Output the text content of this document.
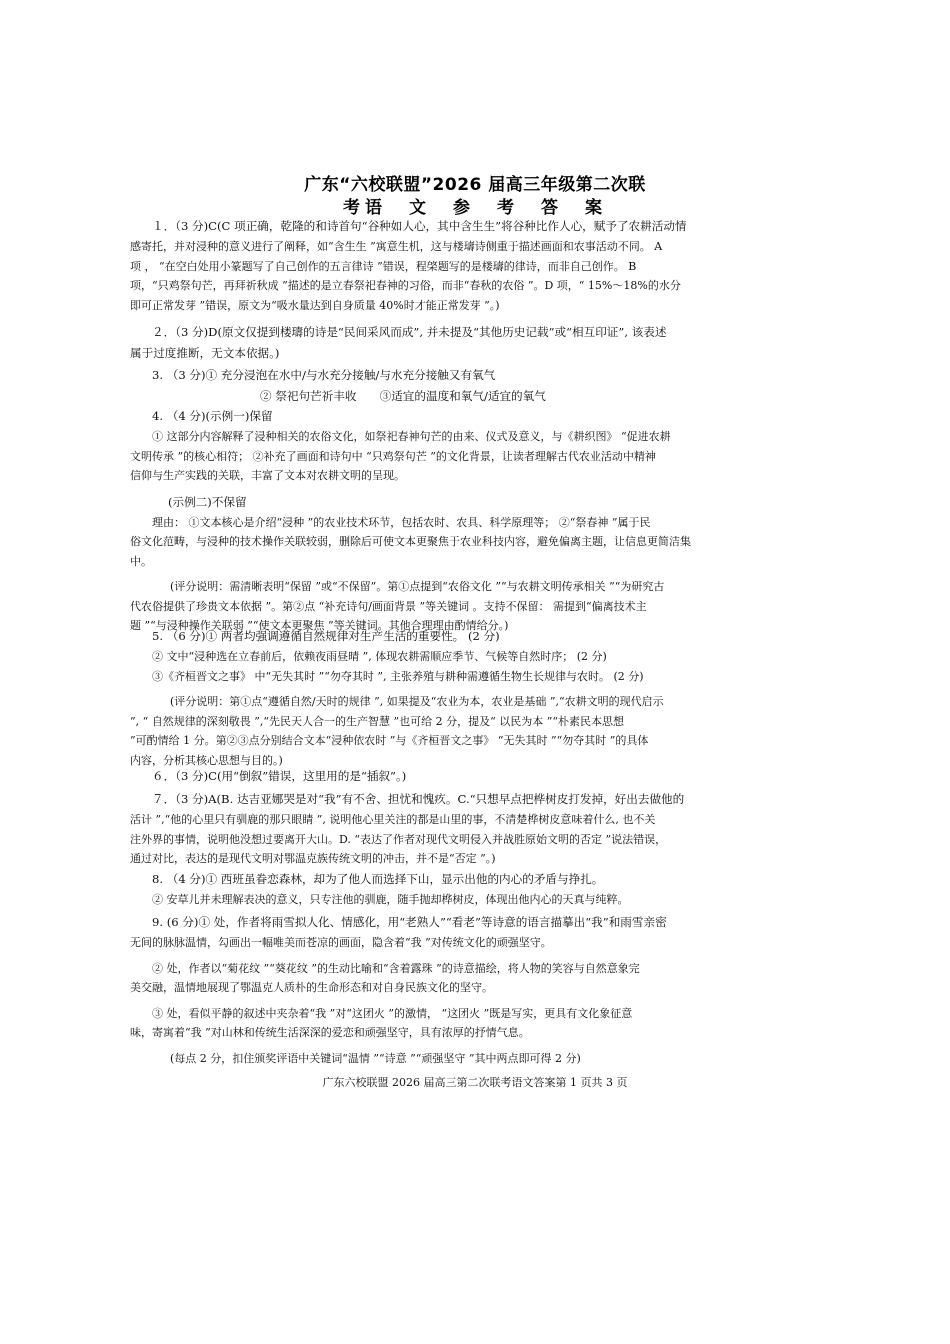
广东“六校联盟”2026 届高三年级第二次联
考语　文　参　考　答　案

１．（3 分)C(C 项正确，乾隆的和诗首句“谷种如人心，其中含生生”将谷种比作人心，赋予了农耕活动情

感寄托，并对浸种的意义进行了阐释，如“含生生 ”寓意生机，这与楼璹诗侧重于描述画面和农事活动不同。 A

项 ， “在空白处用小篆题写了自己创作的五言律诗 ”错误，程棨题写的是楼璹的律诗，而非自己创作。 B

项，“只鸡祭句芒，再拜祈秋成 ”描述的是立春祭祀春神的习俗，而非“春秋的农俗 ”。D 项，“ 15%～18%的水分

即可正常发芽 ”错误，原文为“吸水量达到自身质量 40%时才能正常发芽 ”。)

２．（3 分)D(原文仅提到楼璹的诗是“民间采风而成”, 并未提及“其他历史记载”或“相互印证”, 该表述

属于过度推断，无文本依据。)

3. （3 分)① 充分浸泡在水中/与水充分接触/与水充分接触又有氧气

② 祭祀句芒祈丰收　　③适宜的温度和氧气/适宜的氧气

4. （4 分)(示例一)保留

① 这部分内容解释了浸种相关的农俗文化，如祭祀春神句芒的由来、仪式及意义，与《耕织图》 “促进农耕

文明传承 ”的核心相符； ②补充了画面和诗句中 “只鸡祭句芒 ”的文化背景，让读者理解古代农业活动中精神

信仰与生产实践的关联，丰富了文本对农耕文明的呈现。

(示例二)不保留

理由： ①文本核心是介绍“浸种 ”的农业技术环节，包括农时、农具、科学原理等； ②“祭春神 ”属于民

俗文化范畴，与浸种的技术操作关联较弱，删除后可使文本更聚焦于农业科技内容，避免偏离主题，让信息更简洁集

中。

(评分说明：需清晰表明“保留 ”或“不保留”。第①点提到“农俗文化 ”“与农耕文明传承相关 ”“为研究古

代农俗提供了珍贵文本依据 ”。第②点 “补充诗句/画面背景 ”等关键词 。支持不保留： 需提到“偏离技术主

题 ”“与浸种操作关联弱 ”“使文本更聚焦 ”等关键词。其他合理理由酌情给分。)

5. （6 分)① 两者均强调遵循自然规律对生产生活的重要性。 (2 分)

② 文中“浸种选在立春前后，依赖夜雨昼晴 ”, 体现农耕需顺应季节、气候等自然时序； (2 分)

③《齐桓晋文之事》 中“无失其时 ”“勿夺其时 ”, 主张养殖与耕种需遵循生物生长规律与农时。 (2 分)

(评分说明：第①点“遵循自然/天时的规律 ”, 如果提及“农业为本，农业是基础 ”,“农耕文明的现代启示

”, “ 自然规律的深刻敬畏 ”,“先民天人合一的生产智慧 ”也可给 2 分，提及“ 以民为本 ”“朴素民本思想

”可酌情给 1 分。第②③点分别结合文本“浸种依农时 ”与《齐桓晋文之事》 “无失其时 ”“勿夺其时 ”的具体

内容，分析其核心思想与目的。)

６．（3 分)C(用“倒叙”错误，这里用的是“插叙”。)

７．（3 分)A(B. 达吉亚娜哭是对“我”有不舍、担忧和愧疚。C.“只想早点把桦树皮打发掉，好出去做他的

活计 ”,“他的心里只有驯鹿的那只眼睛 ”, 说明他心里关注的都是山里的事，不清楚桦树皮意味着什么, 也不关

注外界的事情，说明他没想过要离开大山。D. “表达了作者对现代文明侵入并战胜原始文明的否定 ”说法错误，

通过对比，表达的是现代文明对鄂温克族传统文明的冲击，并不是“否定 ”。)

8. （4 分)① 西班虽眷恋森林，却为了他人而选择下山，显示出他的内心的矛盾与挣扎。

② 安草儿并未理解表决的意义，只专注他的驯鹿，随手抛却桦树皮，体现出他内心的天真与纯粹。

9. (6 分)① 处，作者将雨雪拟人化、情感化，用“老熟人”“看老”等诗意的语言描摹出“我”和雨雪亲密

无间的脉脉温情，勾画出一幅唯美而苍凉的画面，隐含着“我 ”对传统文化的顽强坚守。

② 处，作者以“菊花纹 ”“葵花纹 ”的生动比喻和“含着露珠 ”的诗意描绘，将人物的笑容与自然意象完

美交融，温情地展现了鄂温克人质朴的生命形态和对自身民族文化的坚守。

③ 处，看似平静的叙述中夹杂着“我 ”对“这团火 ”的激情， “这团火 ”既是写实，更具有文化象征意

味，寄寓着“我 ”对山林和传统生活深深的爱恋和顽强坚守，具有浓厚的抒情气息。

(每点 2 分，扣住颁奖评语中关键词“温情 ”“诗意 ”“顽强坚守 ”其中两点即可得 2 分)

广东六校联盟 2026 届高三第二次联考语文答案第 1 页共 3 页
